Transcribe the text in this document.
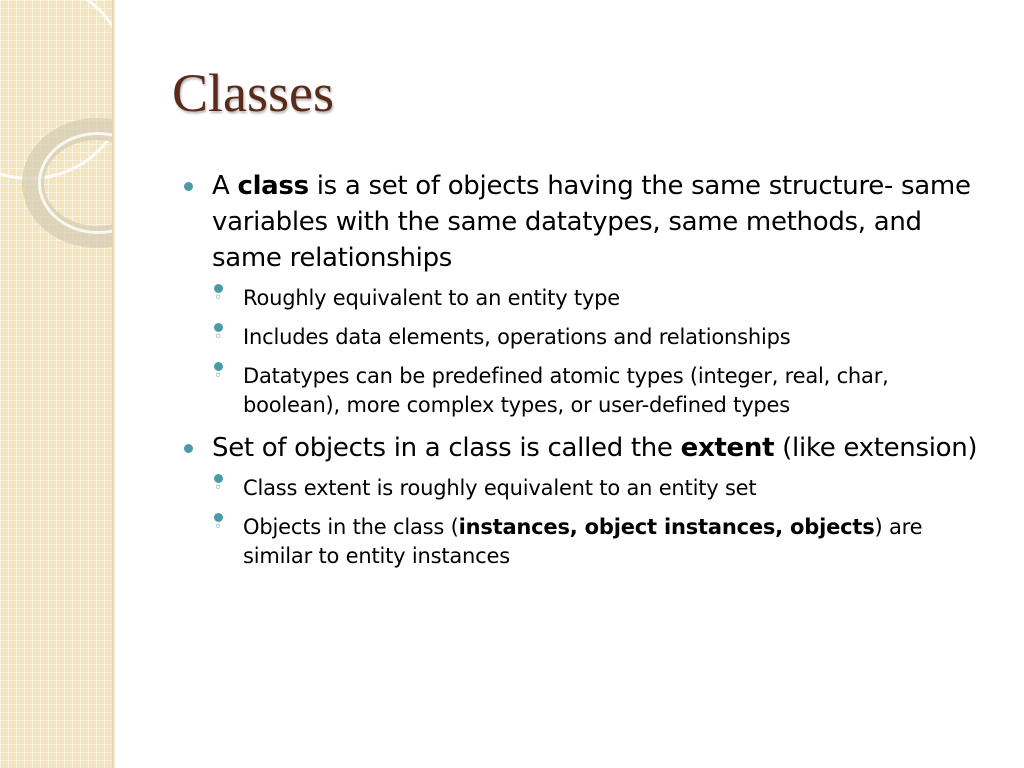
Classes
A class is a set of objects having the same structure- same variables with the same datatypes, same methods, and same relationships
◦ Roughly equivalent to an entity type
◦ Includes data elements, operations and relationships
◦ Datatypes can be predefined atomic types (integer, real, char, boolean), more complex types, or user-defined types
Set of objects in a class is called the extent (like extension)
◦ Class extent is roughly equivalent to an entity set
◦ Objects in the class (instances, object instances, objects) are similar to entity instances
